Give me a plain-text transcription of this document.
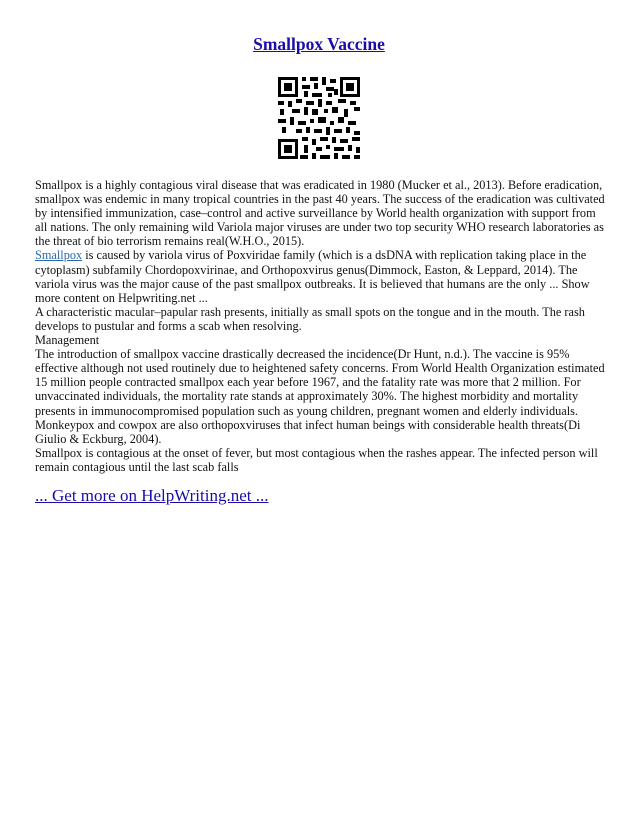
Smallpox Vaccine

Smallpox is a highly contagious viral disease that was eradicated in 1980 (Mucker et al., 2013). Before eradication, smallpox was endemic in many tropical countries in the past 40 years. The success of the eradication was cultivated by intensified immunization, case–control and active surveillance by World health organization with support from all nations. The only remaining wild Variola major viruses are under two top security WHO research laboratories as the threat of bio terrorism remains real(W.H.O., 2015).

Smallpox is caused by variola virus of Poxviridae family (which is a dsDNA with replication taking place in the cytoplasm) subfamily Chordopoxvirinae, and Orthopoxvirus genus(Dimmock, Easton, & Leppard, 2014). The variola virus was the major cause of the past smallpox outbreaks. It is believed that humans are the only ... Show more content on Helpwriting.net ...

A characteristic macular–papular rash presents, initially as small spots on the tongue and in the mouth. The rash develops to pustular and forms a scab when resolving.

Management

The introduction of smallpox vaccine drastically decreased the incidence(Dr Hunt, n.d.). The vaccine is 95% effective although not used routinely due to heightened safety concerns. From World Health Organization estimated 15 million people contracted smallpox each year before 1967, and the fatality rate was more that 2 million. For unvaccinated individuals, the mortality rate stands at approximately 30%. The highest morbidity and mortality presents in immunocompromised population such as young children, pregnant women and elderly individuals.

Monkeypox and cowpox are also orthopoxviruses that infect human beings with considerable health threats(Di Giulio & Eckburg, 2004).

Smallpox is contagious at the onset of fever, but most contagious when the rashes appear. The infected person will remain contagious until the last scab falls

... Get more on HelpWriting.net ...
